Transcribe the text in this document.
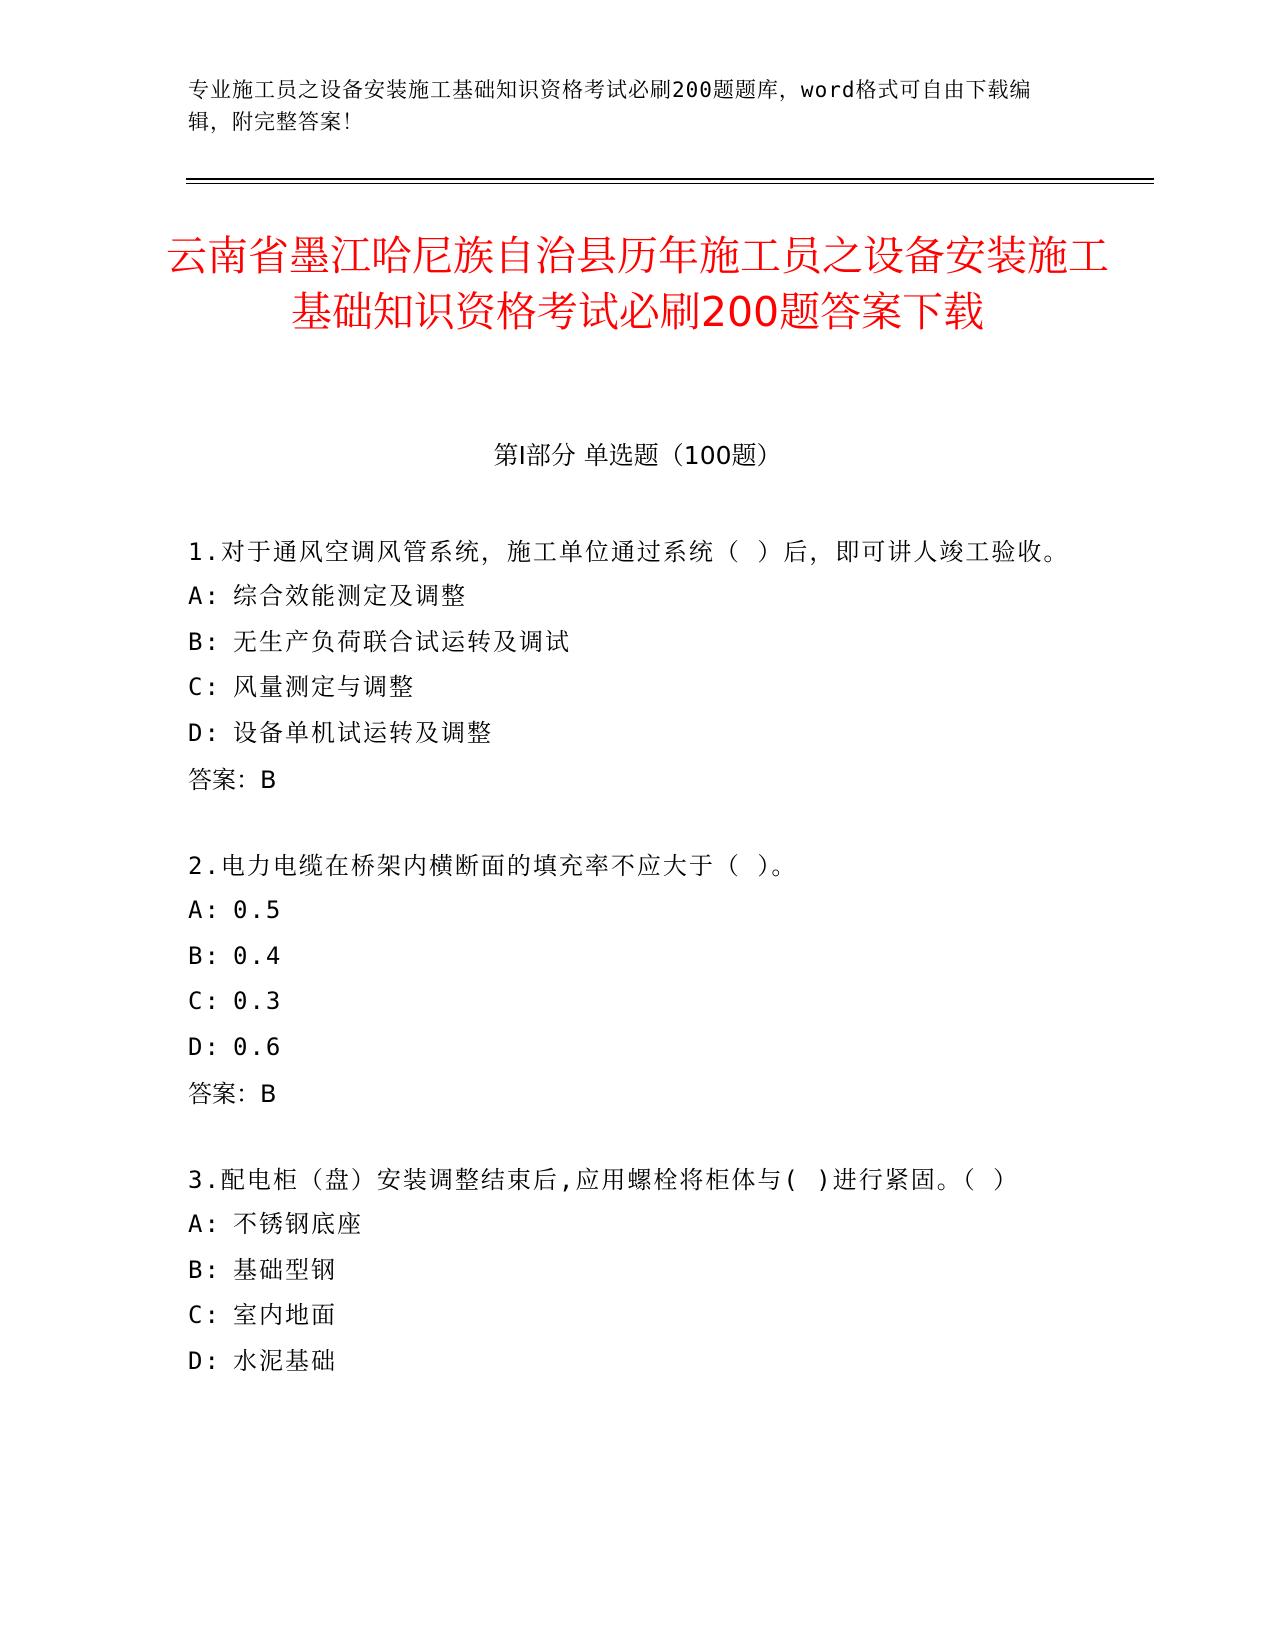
专业施工员之设备安装施工基础知识资格考试必刷200题题库，word格式可自由下载编辑，附完整答案！
云南省墨江哈尼族自治县历年施工员之设备安装施工基础知识资格考试必刷200题答案下载
第I部分 单选题（100题）

1.对于通风空调风管系统，施工单位通过系统（ ）后，即可讲人竣工验收。

A: 综合效能测定及调整

B: 无生产负荷联合试运转及调试

C: 风量测定与调整

D: 设备单机试运转及调整

答案：B

2.电力电缆在桥架内横断面的填充率不应大于（ ）。

A: 0.5

B: 0.4

C: 0.3

D: 0.6

答案：B

3.配电柜（盘）安装调整结束后,应用螺栓将柜体与( )进行紧固。（ ）

A: 不锈钢底座

B: 基础型钢

C: 室内地面

D: 水泥基础
